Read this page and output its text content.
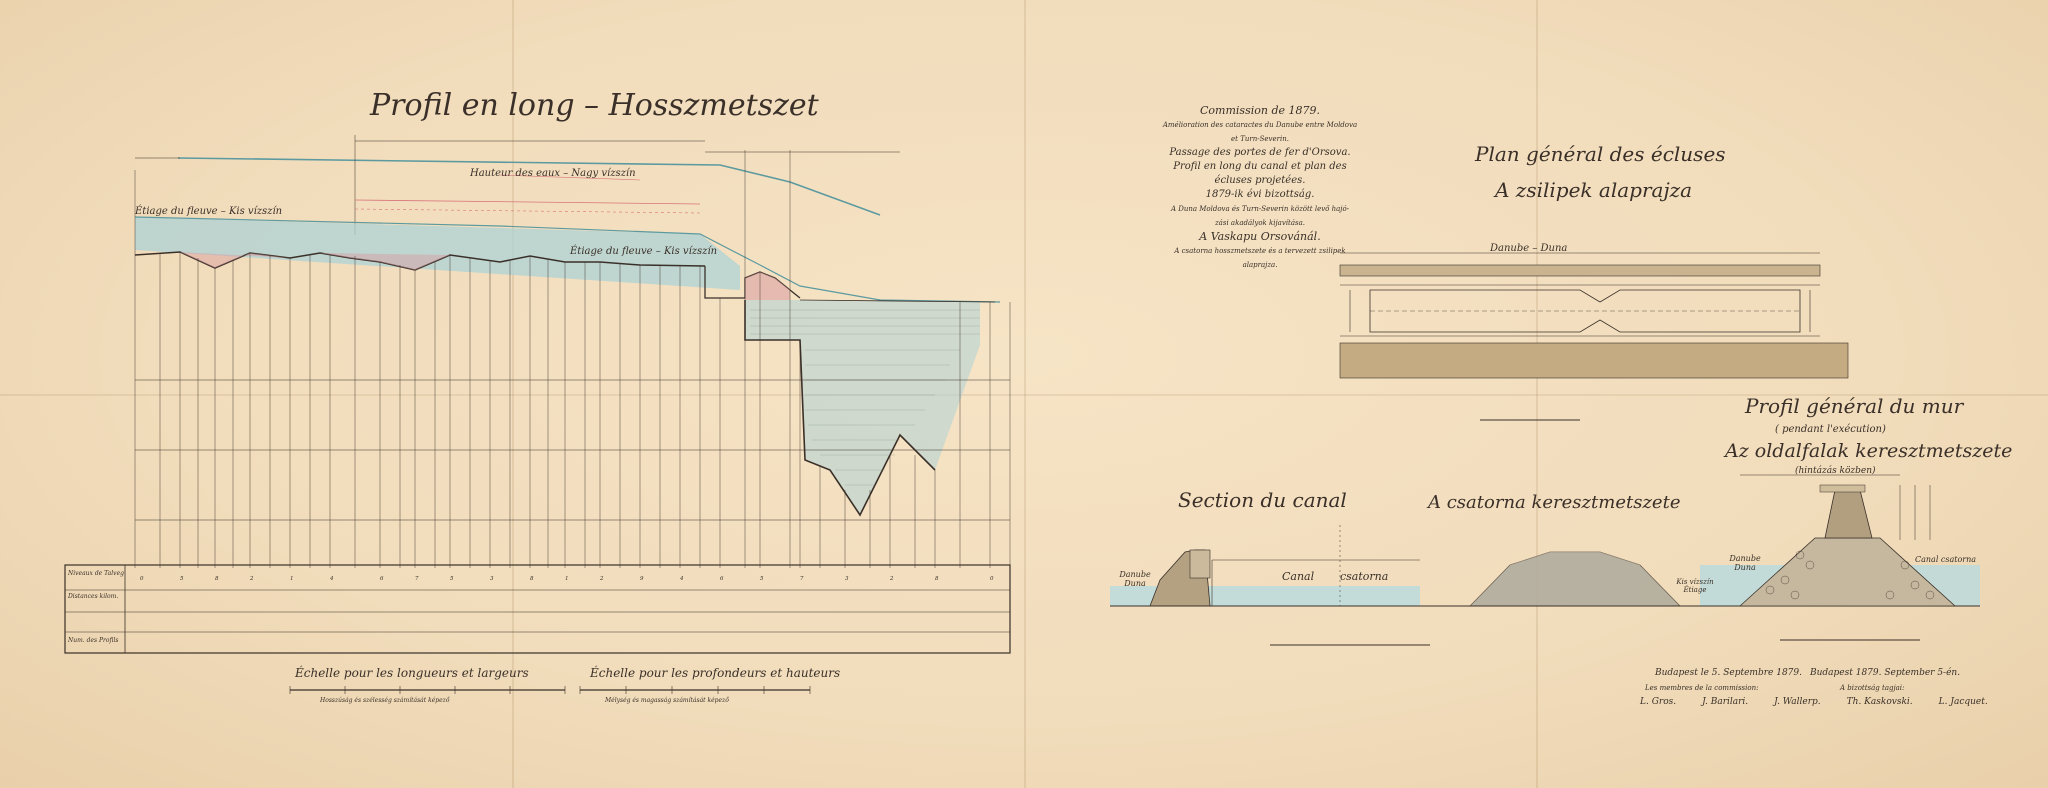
0	5	8	2	1	4	6	7	5	3	8	1	2	9	4	6	5	7	3	2	8	0
Profil en long – Hosszmetszet
Hauteur des eaux – Nagy vízszín
Étiage du fleuve – Kis vízszín
Étiage du fleuve – Kis vízszín
Distances kilom.
Num. des Profils
Niveaux de Talveg
Échelle pour les longueurs et largeurs
Hosszúság és szélesség számítását képező
Échelle pour les profondeurs et hauteurs
Mélység és magasság számítását képező
Commission de 1879.
Amélioration des cataractes du Danube entre Moldova
et Turn-Severin.
Passage des portes de fer d'Orsova.
Profil en long du canal et plan des
écluses projetées.
1879-ik évi bizottság.
A Duna Moldova és Turn-Severin között levő hajó-
zási akadályok kijavítása.
A Vaskapu Orsovánál.
A csatorna hosszmetszete és a tervezett zsilipek
alaprajza.
Plan général des écluses
A zsilipek alaprajza
Danube – Duna
Profil général du mur
( pendant l'exécution)
Az oldalfalak keresztmetszete
(hintázás közben)
Danube Duna
Canal csatorna
Section du canal	A csatorna keresztmetszete
Danube Duna
Canal csatorna	Kis vízszín Étiage
Budapest le 5. Septembre 1879. Budapest 1879. September 5-én.
Les membres de la commission:	A bizottság tagjai:
L. Gros.	J. Barilari.	J. Wallerp.	Th. Kaskovski.	L. Jacquet.
